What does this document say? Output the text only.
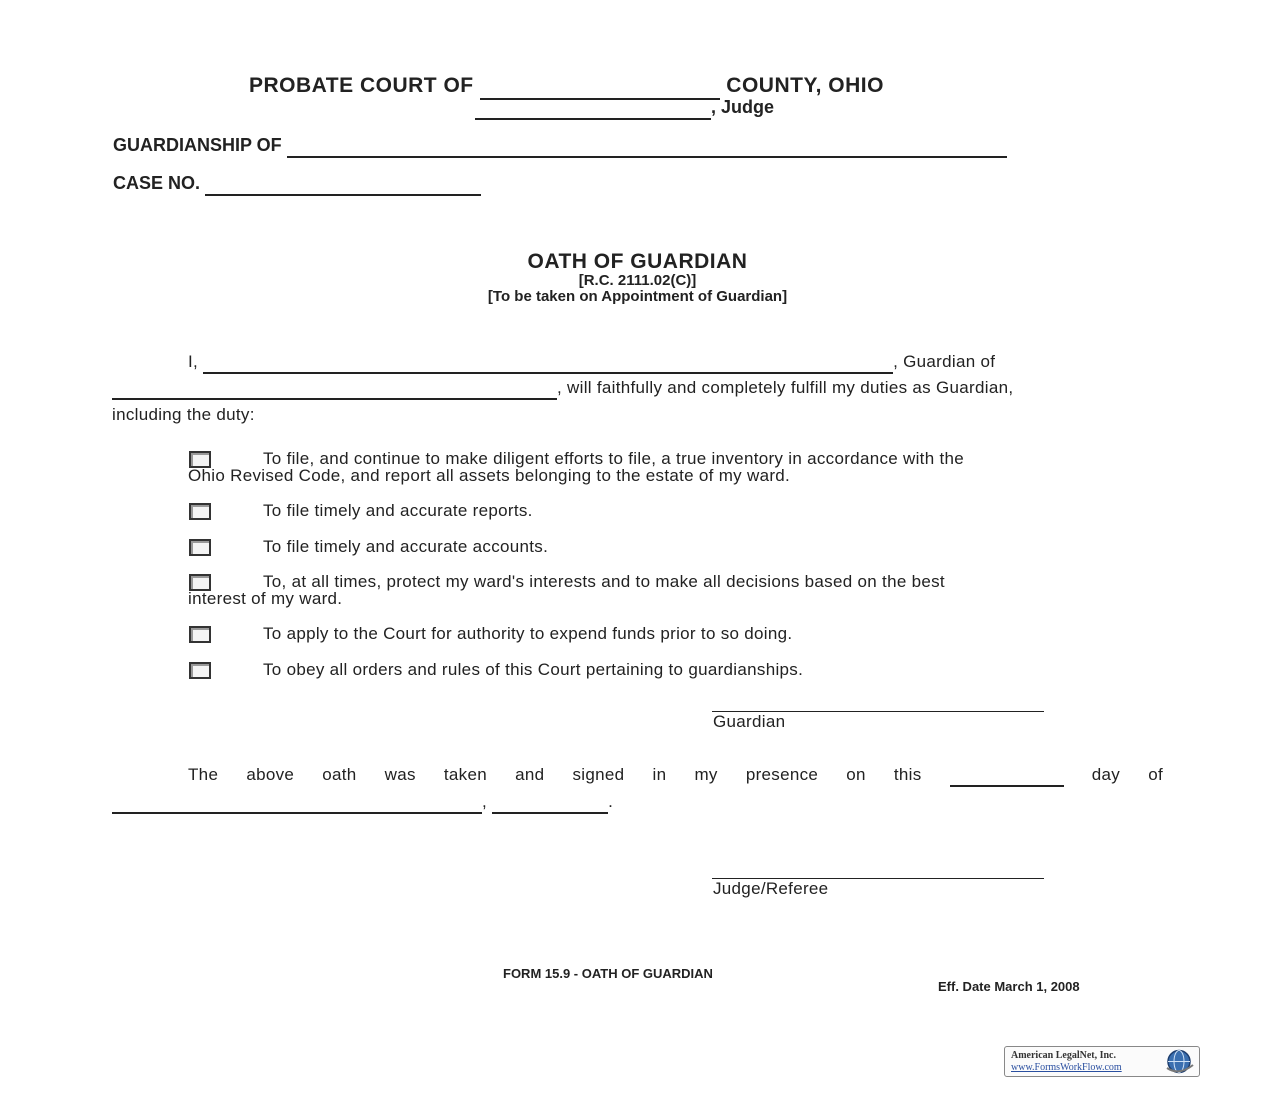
PROBATE COURT OF	COUNTY, OHIO
, Judge
GUARDIANSHIP OF
CASE NO.
OATH OF GUARDIAN
[R.C. 2111.02(C)]
[To be taken on Appointment of Guardian]
I,	, Guardian of
, will faithfully and completely fulfill my duties as Guardian,
including the duty:
To file, and continue to make diligent efforts to file, a true inventory in accordance with the
Ohio Revised Code, and report all assets belonging to the estate of my ward.
To file timely and accurate reports.
To file timely and accurate accounts.
To, at all times, protect my ward's interests and to make all decisions based on the best
interest of my ward.
To apply to the Court for authority to expend funds prior to so doing.
To obey all orders and rules of this Court pertaining to guardianships.
Guardian
The above oath was taken and signed in my presence on this
	day of
,	.
Judge/Referee
FORM 15.9 - OATH OF GUARDIAN
Eff. Date March 1, 2008
American LegalNet, Inc.
www.FormsWorkFlow.com
